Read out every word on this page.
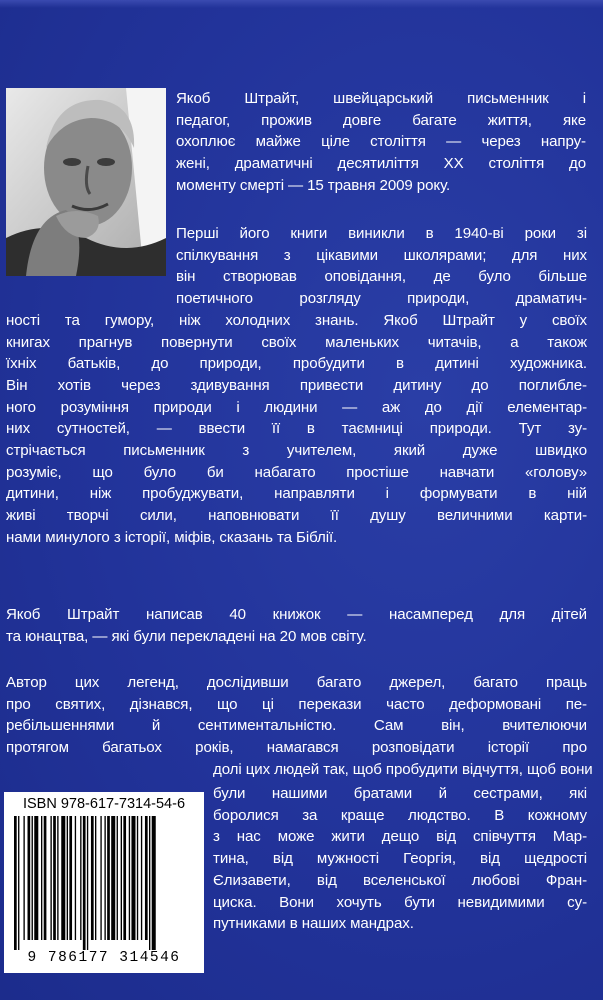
Якоб Штрайт, швейцарський письменник і
педагог, прожив довге багате життя, яке
охоплює майже ціле століття — через напру-
жені, драматичні десятиліття XX століття до
моменту смерті — 15 травня 2009 року.

Перші його книги виникли в 1940-ві роки зі
спілкування з цікавими школярами; для них
він створював оповідання, де було більше
поетичного розгляду природи, драматич-
ності та гумору, ніж холодних знань. Якоб Штрайт у своїх
книгах прагнув повернути своїх маленьких читачів, а також
їхніх батьків, до природи, пробудити в дитині художника.
Він хотів через здивування привести дитину до поглибле-
ного розуміння природи і людини — аж до дії елементар-
них сутностей, — ввести її в таємниці природи. Тут зу-
стрічається письменник з учителем, який дуже швидко
розуміє, що було би набагато простіше навчати «голову»
дитини, ніж пробуджувати, направляти і формувати в ній
живі творчі сили, наповнювати її душу величними карти-
нами минулого з історії, міфів, сказань та Біблії.

Якоб Штрайт написав 40 книжок — насамперед для дітей
та юнацтва, — які були перекладені на 20 мов світу.

Автор цих легенд, дослідивши багато джерел, багато праць
про святих, дізнався, що ці перекази часто деформовані пе-
ребільшеннями й сентиментальністю. Сам він, вчителюючи
протягом багатьох років, намагався розповідати історії про
долі цих людей так, щоб пробудити відчуття, щоб вони

були нашими братами й сестрами, які
боролися за краще людство. В кожному
з нас може жити дещо від співчуття Мар-
тина, від мужності Георгія, від щедрості
Єлизавети, від вселенської любові Фран-
циска. Вони хочуть бути невидимими су-
путниками в наших мандрах.

ISBN 978-617-7314-54-6
9 786177 314546
